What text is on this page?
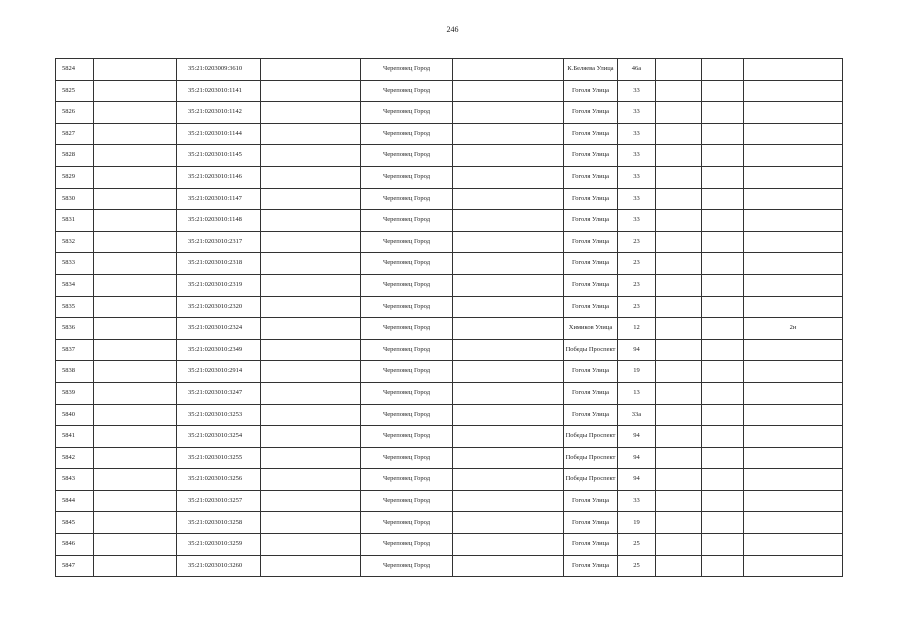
246
5824		35:21:0203009:3610		Череповец Город		К.Беляева Улица	46а			
5825		35:21:0203010:1141		Череповец Город		Гоголя Улица	33			
5826		35:21:0203010:1142		Череповец Город		Гоголя Улица	33			
5827		35:21:0203010:1144		Череповец Город		Гоголя Улица	33			
5828		35:21:0203010:1145		Череповец Город		Гоголя Улица	33			
5829		35:21:0203010:1146		Череповец Город		Гоголя Улица	33			
5830		35:21:0203010:1147		Череповец Город		Гоголя Улица	33			
5831		35:21:0203010:1148		Череповец Город		Гоголя Улица	33			
5832		35:21:0203010:2317		Череповец Город		Гоголя Улица	23			
5833		35:21:0203010:2318		Череповец Город		Гоголя Улица	23			
5834		35:21:0203010:2319		Череповец Город		Гоголя Улица	23			
5835		35:21:0203010:2320		Череповец Город		Гоголя Улица	23			
5836		35:21:0203010:2324		Череповец Город		Химиков Улица	12			2н
5837		35:21:0203010:2349		Череповец Город		Победы Проспект	94			
5838		35:21:0203010:2914		Череповец Город		Гоголя Улица	19			
5839		35:21:0203010:3247		Череповец Город		Гоголя Улица	13			
5840		35:21:0203010:3253		Череповец Город		Гоголя Улица	33а			
5841		35:21:0203010:3254		Череповец Город		Победы Проспект	94			
5842		35:21:0203010:3255		Череповец Город		Победы Проспект	94			
5843		35:21:0203010:3256		Череповец Город		Победы Проспект	94			
5844		35:21:0203010:3257		Череповец Город		Гоголя Улица	33			
5845		35:21:0203010:3258		Череповец Город		Гоголя Улица	19			
5846		35:21:0203010:3259		Череповец Город		Гоголя Улица	25			
5847		35:21:0203010:3260		Череповец Город		Гоголя Улица	25			
